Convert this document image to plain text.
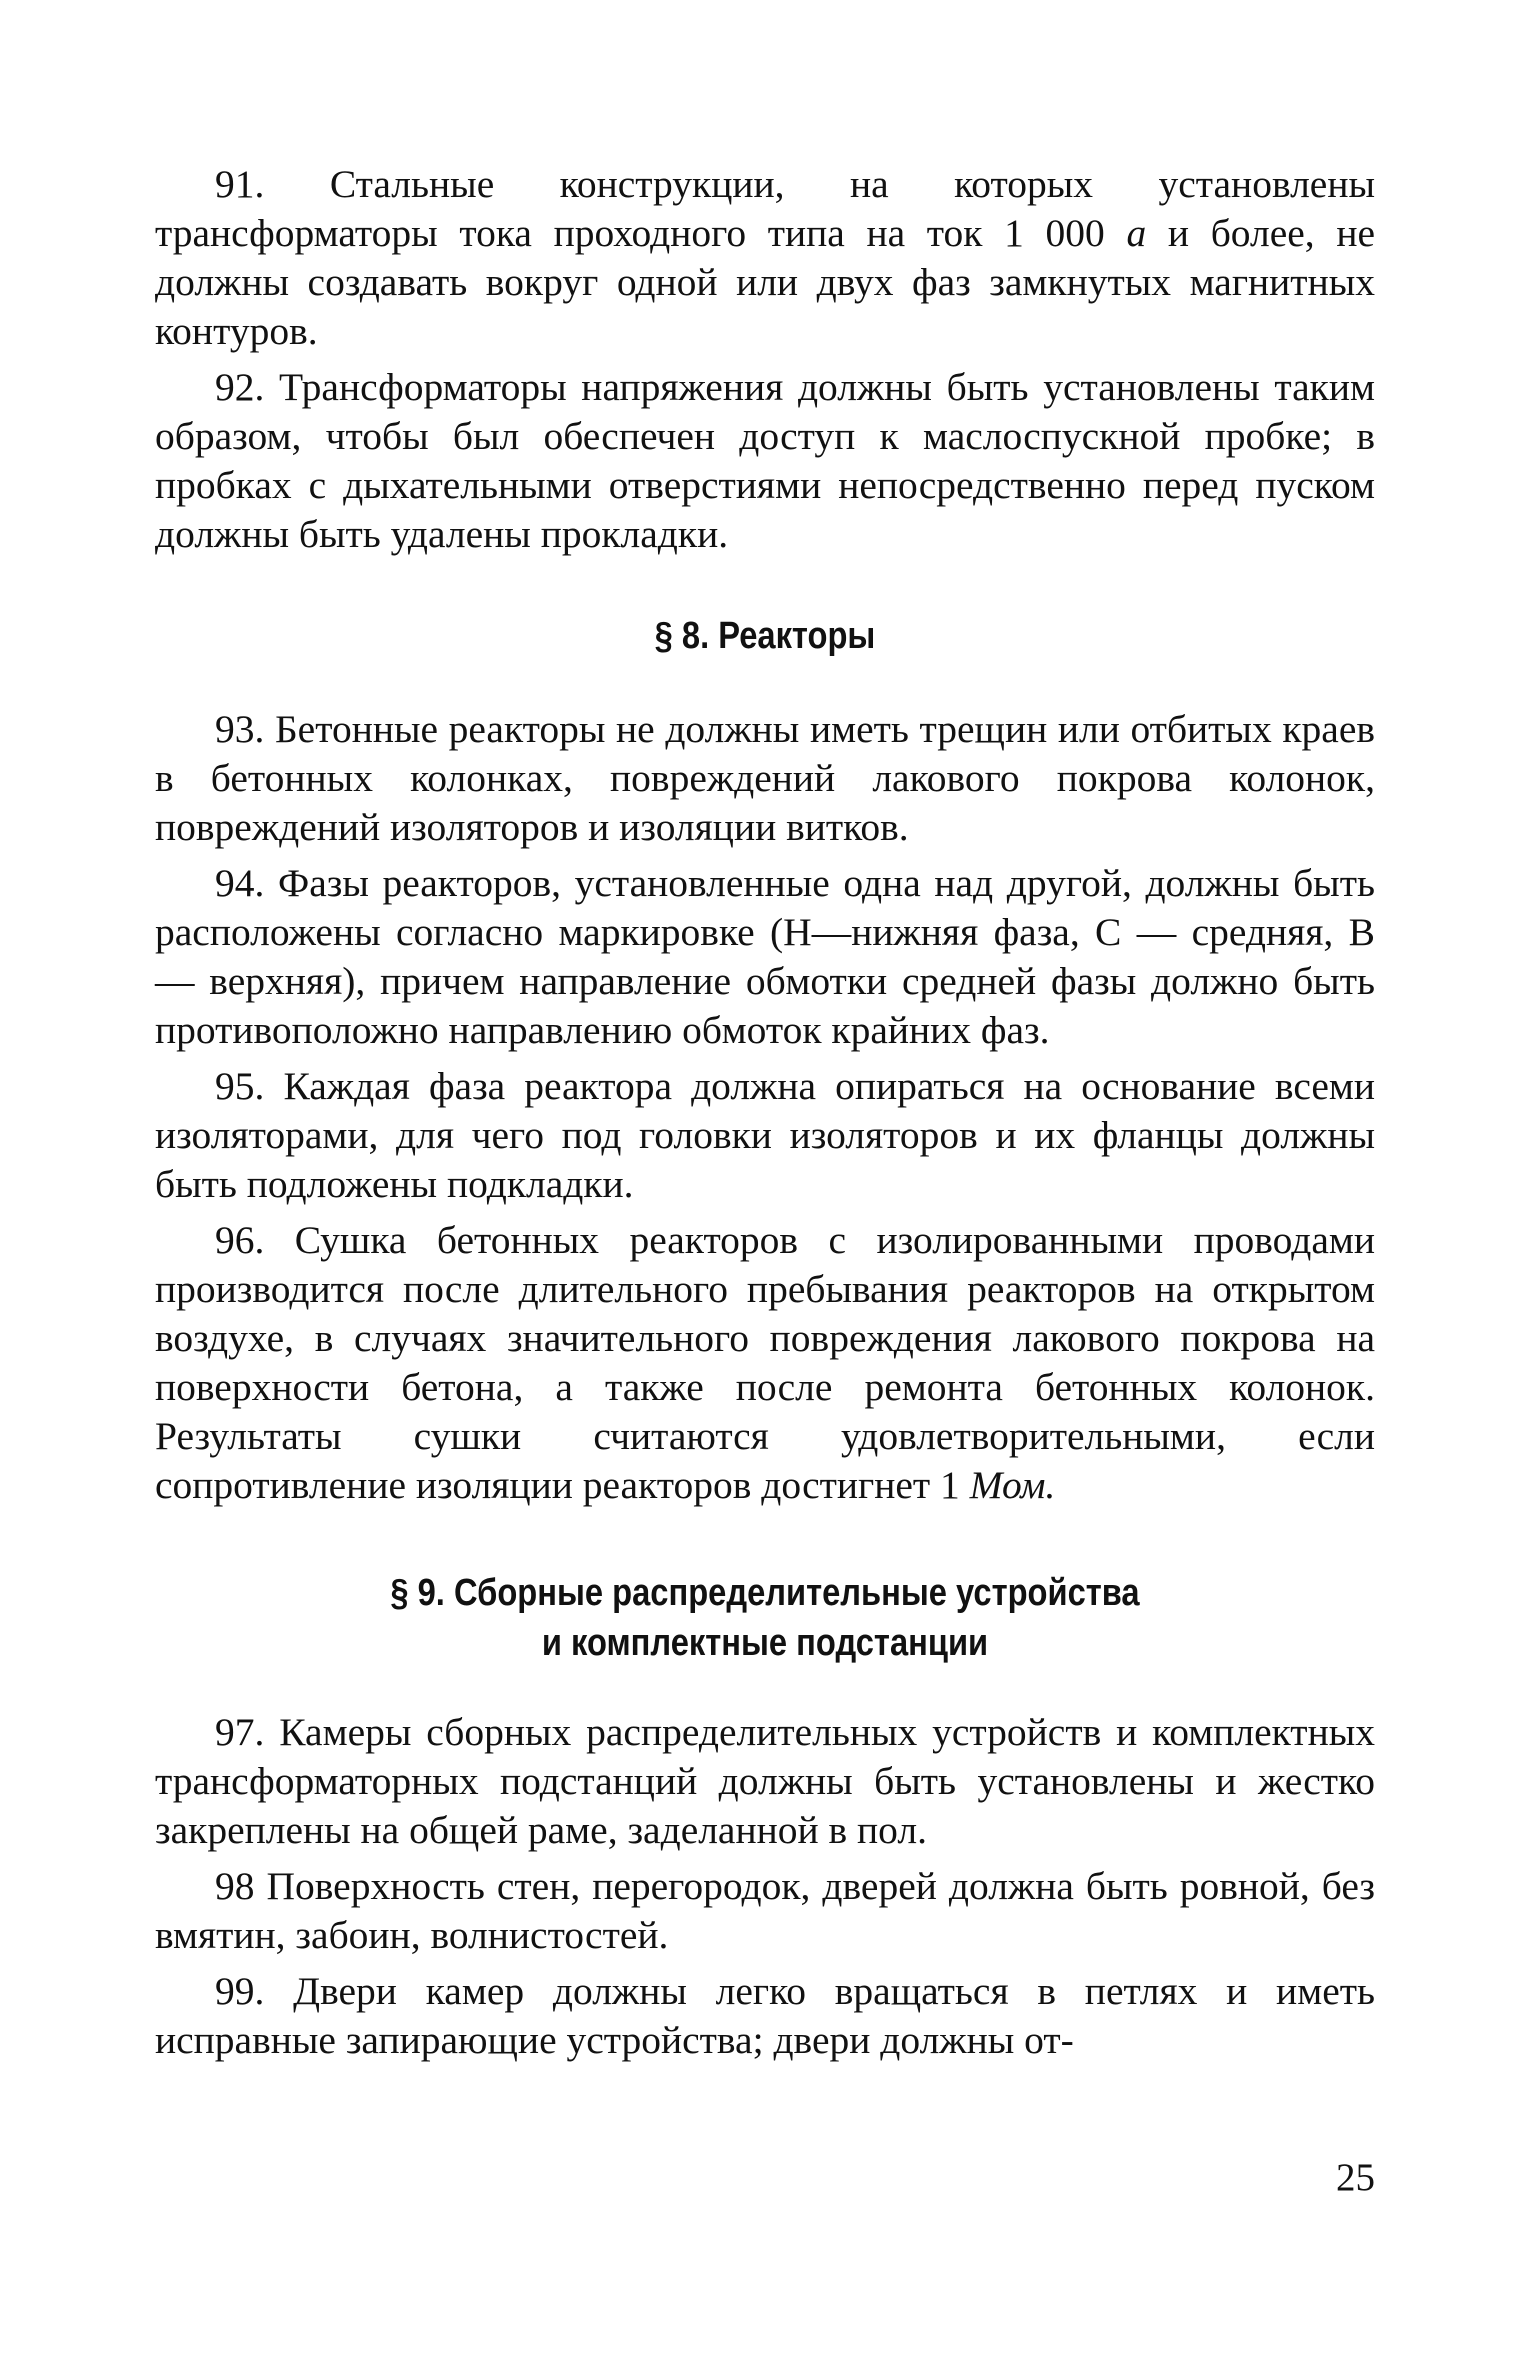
91. Стальные конструкции, на которых установлены трансформаторы тока проходного типа на ток 1 000 а и более, не должны создавать вокруг одной или двух фаз замкнутых магнитных контуров.

92. Трансформаторы напряжения должны быть установлены таким образом, чтобы был обеспечен доступ к маслоспускной пробке; в пробках с дыхательными отверстиями непосредственно перед пуском должны быть удалены прокладки.

§ 8. Реакторы

93. Бетонные реакторы не должны иметь трещин или отбитых краев в бетонных колонках, повреждений лакового покрова колонок, повреждений изоляторов и изоляции витков.

94. Фазы реакторов, установленные одна над другой, должны быть расположены согласно маркировке (Н—нижняя фаза, С — средняя, В — верхняя), причем направление обмотки средней фазы должно быть противоположно направлению обмоток крайних фаз.

95. Каждая фаза реактора должна опираться на основание всеми изоляторами, для чего под головки изоляторов и их фланцы должны быть подложены подкладки.

96. Сушка бетонных реакторов с изолированными проводами производится после длительного пребывания реакторов на открытом воздухе, в случаях значительного повреждения лакового покрова на поверхности бетона, а также после ремонта бетонных колонок. Результаты сушки считаются удовлетворительными, если сопротивление изоляции реакторов достигнет 1 Мом.

§ 9. Сборные распределительные устройства
и комплектные подстанции

97. Камеры сборных распределительных устройств и комплектных трансформаторных подстанций должны быть установлены и жестко закреплены на общей раме, заделанной в пол.

98 Поверхность стен, перегородок, дверей должна быть ровной, без вмятин, забоин, волнистостей.

99. Двери камер должны легко вращаться в петлях и иметь исправные запирающие устройства; двери должны от-

25
